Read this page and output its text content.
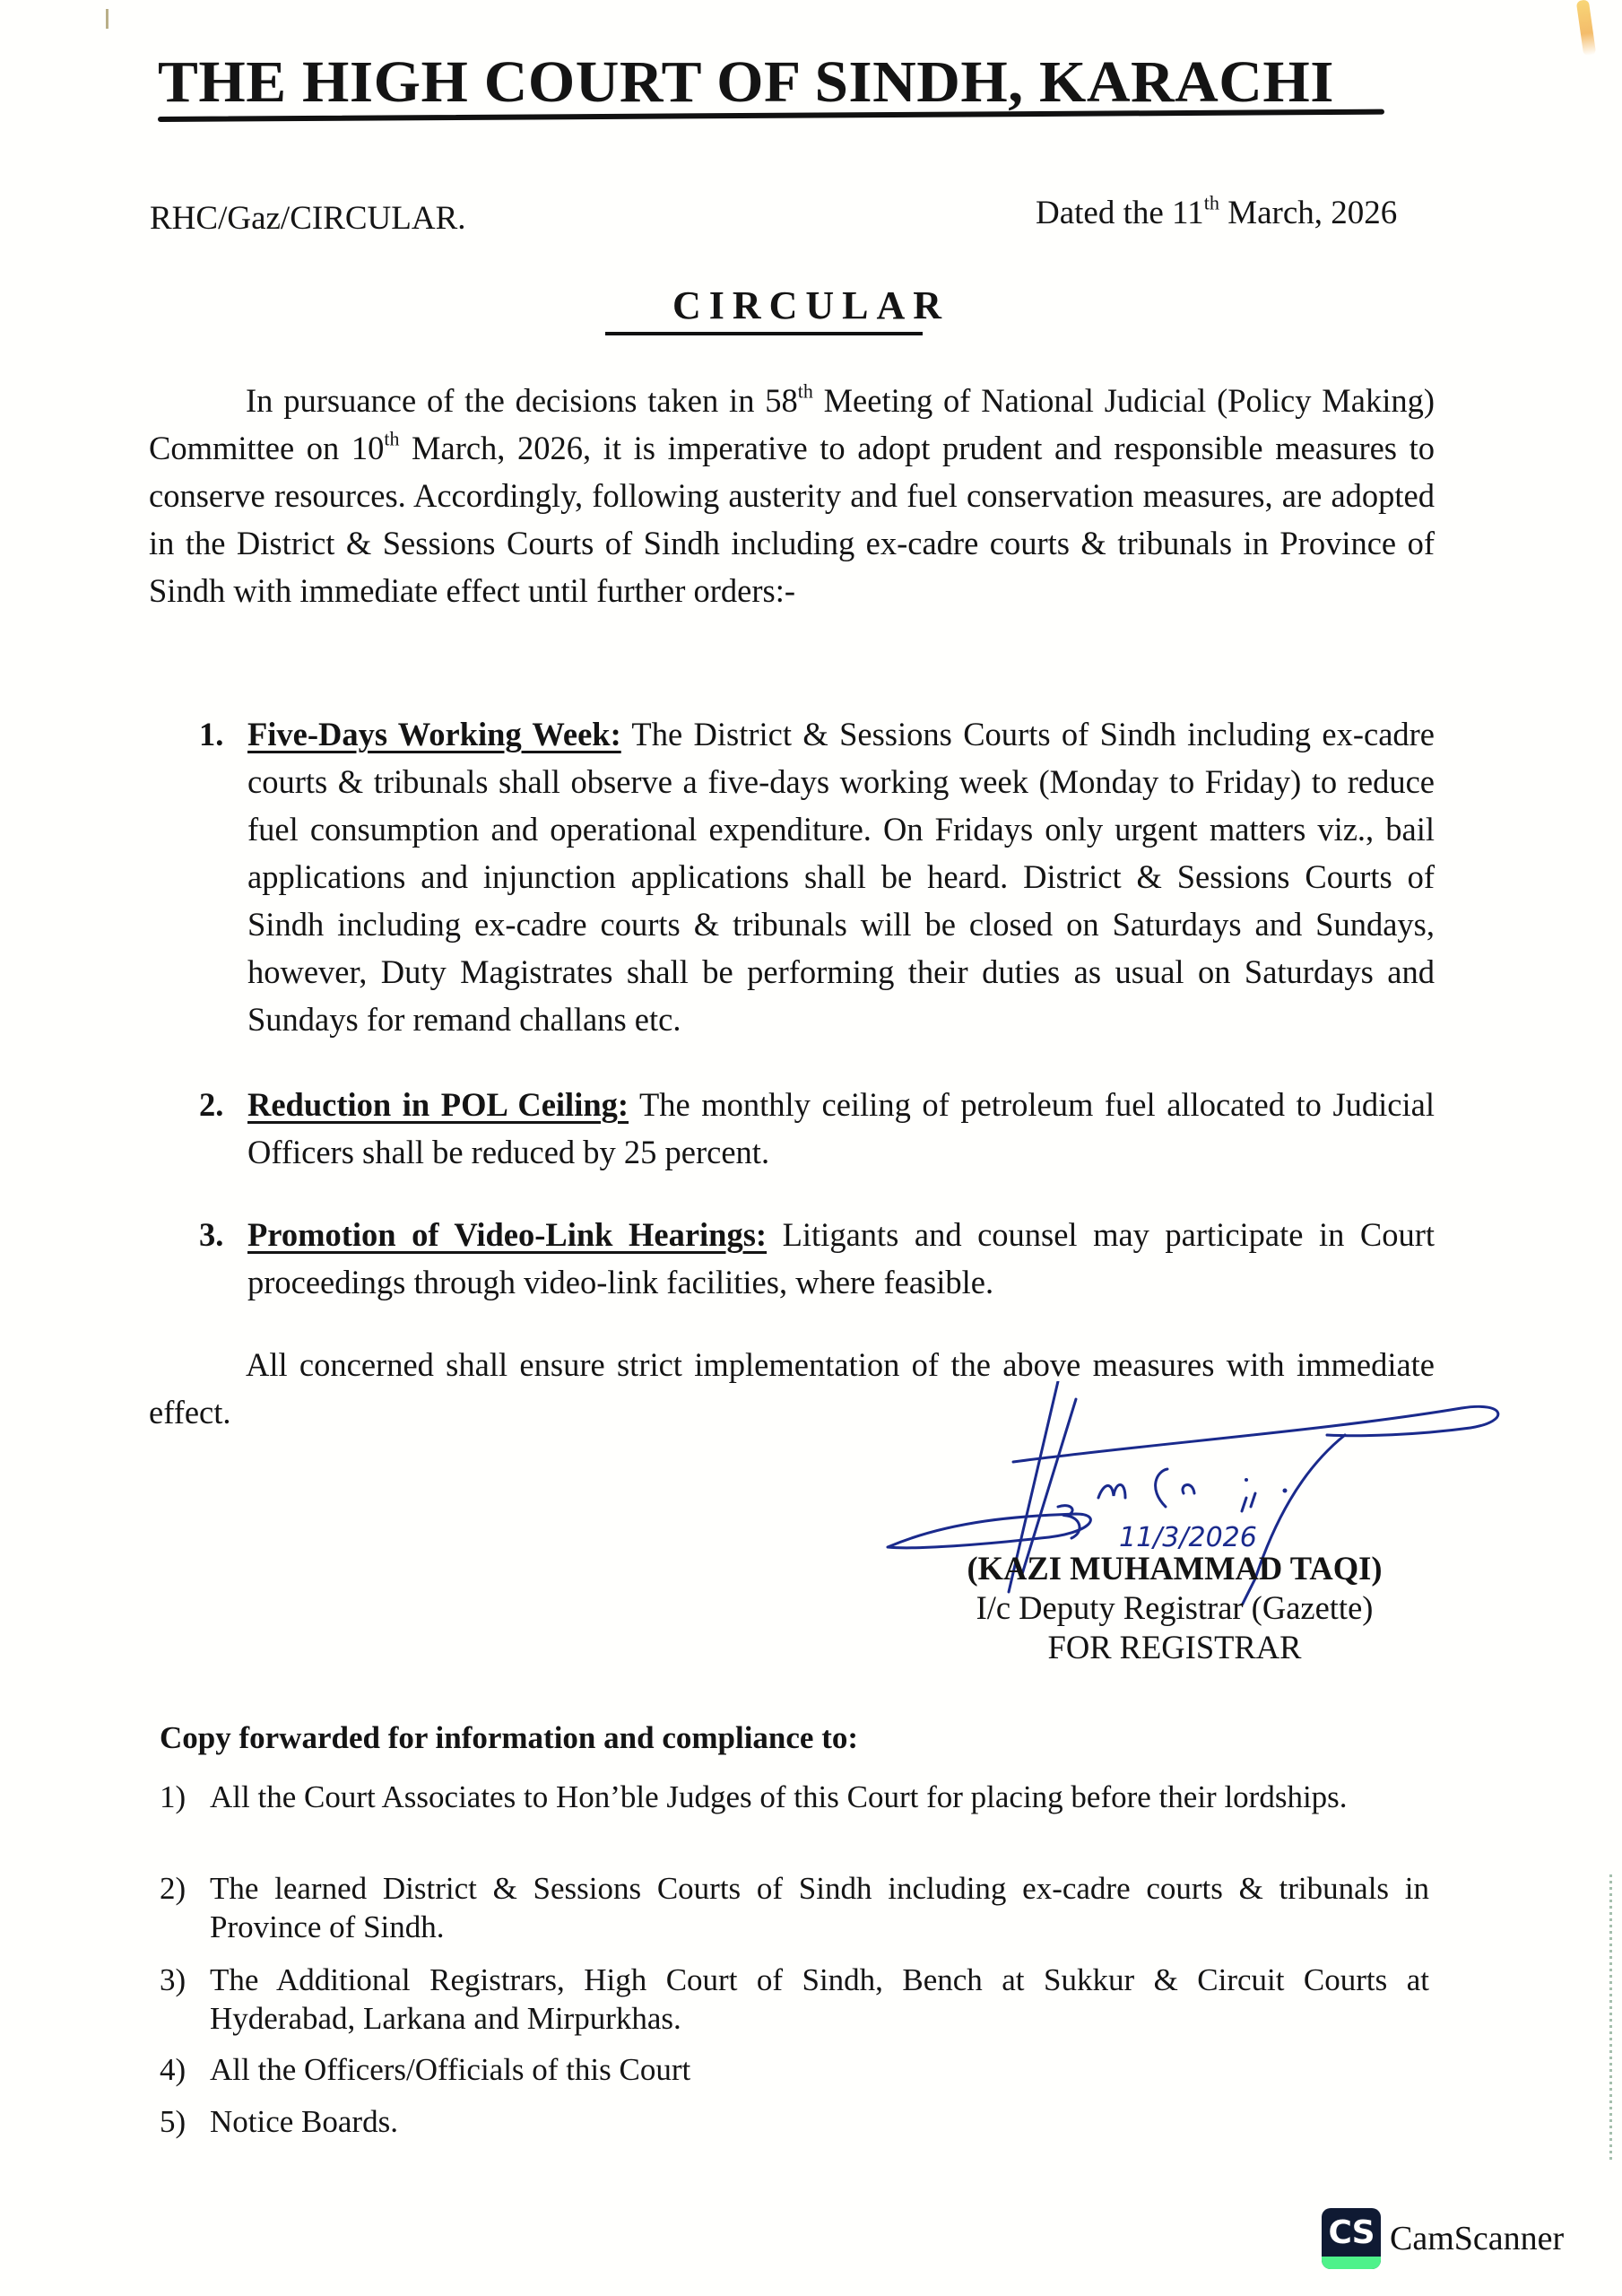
THE HIGH COURT OF SINDH, KARACHI
RHC/Gaz/CIRCULAR.	Dated the 11th March, 2026
CIRCULAR
In pursuance of the decisions taken in 58th Meeting of National Judicial (Policy Making) Committee on 10th March, 2026, it is imperative to adopt prudent and responsible measures to conserve resources. Accordingly, following austerity and fuel conservation measures, are adopted in the District & Sessions Courts of Sindh including ex-cadre courts & tribunals in Province of Sindh with immediate effect until further orders:-
1. Five-Days Working Week: The District & Sessions Courts of Sindh including ex-cadre courts & tribunals shall observe a five-days working week (Monday to Friday) to reduce fuel consumption and operational expenditure. On Fridays only urgent matters viz., bail applications and injunction applications shall be heard. District & Sessions Courts of Sindh including ex-cadre courts & tribunals will be closed on Saturdays and Sundays, however, Duty Magistrates shall be performing their duties as usual on Saturdays and Sundays for remand challans etc.
2. Reduction in POL Ceiling: The monthly ceiling of petroleum fuel allocated to Judicial Officers shall be reduced by 25 percent.
3. Promotion of Video-Link Hearings: Litigants and counsel may participate in Court proceedings through video-link facilities, where feasible.
All concerned shall ensure strict implementation of the above measures with immediate effect.
11/3/2026
(KAZI MUHAMMAD TAQI)
I/c Deputy Registrar (Gazette)
FOR REGISTRAR
Copy forwarded for information and compliance to:
1) All the Court Associates to Hon’ble Judges of this Court for placing before their lordships.
2) The learned District & Sessions Courts of Sindh including ex-cadre courts & tribunals in Province of Sindh.
3) The Additional Registrars, High Court of Sindh, Bench at Sukkur & Circuit Courts at Hyderabad, Larkana and Mirpurkhas.
4) All the Officers/Officials of this Court
5) Notice Boards.
CS CamScanner
